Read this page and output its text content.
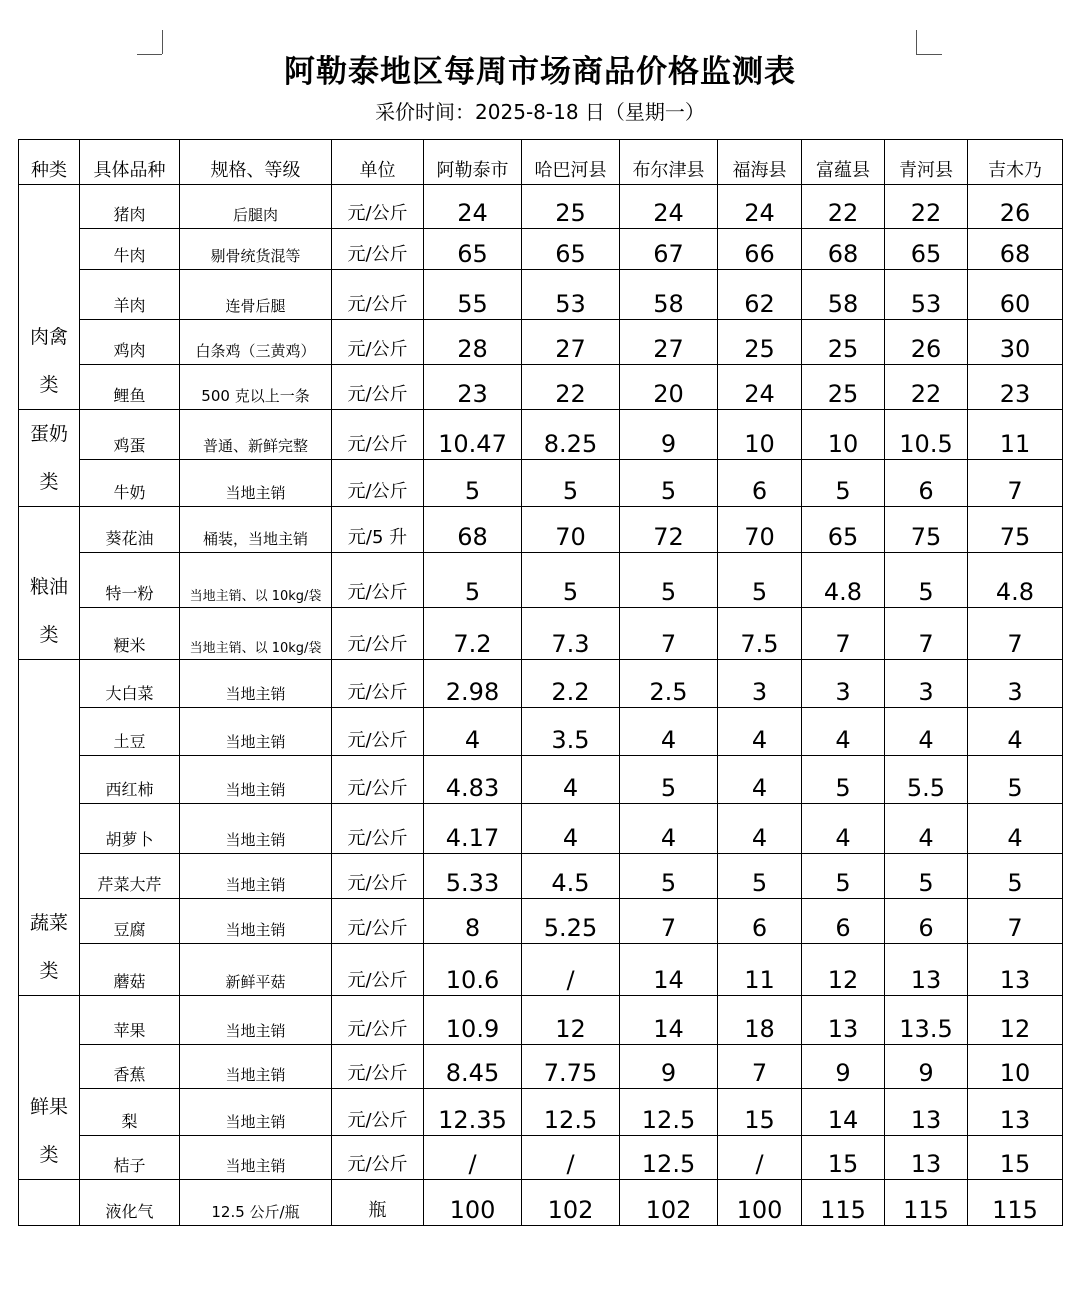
阿勒泰地区每周市场商品价格监测表
采价时间：2025-8-18 日（星期一）
种类	具体品种	规格、等级	单位	阿勒泰市	哈巴河县	布尔津县	福海县	富蕴县	青河县	吉木乃

肉禽
类	猪肉	后腿肉	元/公斤	24	25	24	24	22	22	26
	牛肉	剔骨统货混等	元/公斤	65	65	67	66	68	65	68
	羊肉	连骨后腿	元/公斤	55	53	58	62	58	53	60
	鸡肉	白条鸡（三黄鸡）	元/公斤	28	27	27	25	25	26	30
	鲤鱼	500 克以上一条	元/公斤	23	22	20	24	25	22	23

蛋奶
类	鸡蛋	普通、新鲜完整	元/公斤	10.47	8.25	9	10	10	10.5	11
	牛奶	当地主销	元/公斤	5	5	5	6	5	6	7

粮油
类	葵花油	桶装，当地主销	元/5 升	68	70	72	70	65	75	75
	特一粉	当地主销、以 10kg/袋	元/公斤	5	5	5	5	4.8	5	4.8
	粳米	当地主销、以 10kg/袋	元/公斤	7.2	7.3	7	7.5	7	7	7

蔬菜
类	大白菜	当地主销	元/公斤	2.98	2.2	2.5	3	3	3	3
	土豆	当地主销	元/公斤	4	3.5	4	4	4	4	4
	西红柿	当地主销	元/公斤	4.83	4	5	4	5	5.5	5
	胡萝卜	当地主销	元/公斤	4.17	4	4	4	4	4	4
	芹菜大芹	当地主销	元/公斤	5.33	4.5	5	5	5	5	5
	豆腐	当地主销	元/公斤	8	5.25	7	6	6	6	7
	蘑菇	新鲜平菇	元/公斤	10.6	/	14	11	12	13	13

鲜果
类	苹果	当地主销	元/公斤	10.9	12	14	18	13	13.5	12
	香蕉	当地主销	元/公斤	8.45	7.75	9	7	9	9	10
	梨	当地主销	元/公斤	12.35	12.5	12.5	15	14	13	13
	桔子	当地主销	元/公斤	/	/	12.5	/	15	13	15

	液化气	12.5 公斤/瓶	瓶	100	102	102	100	115	115	115
